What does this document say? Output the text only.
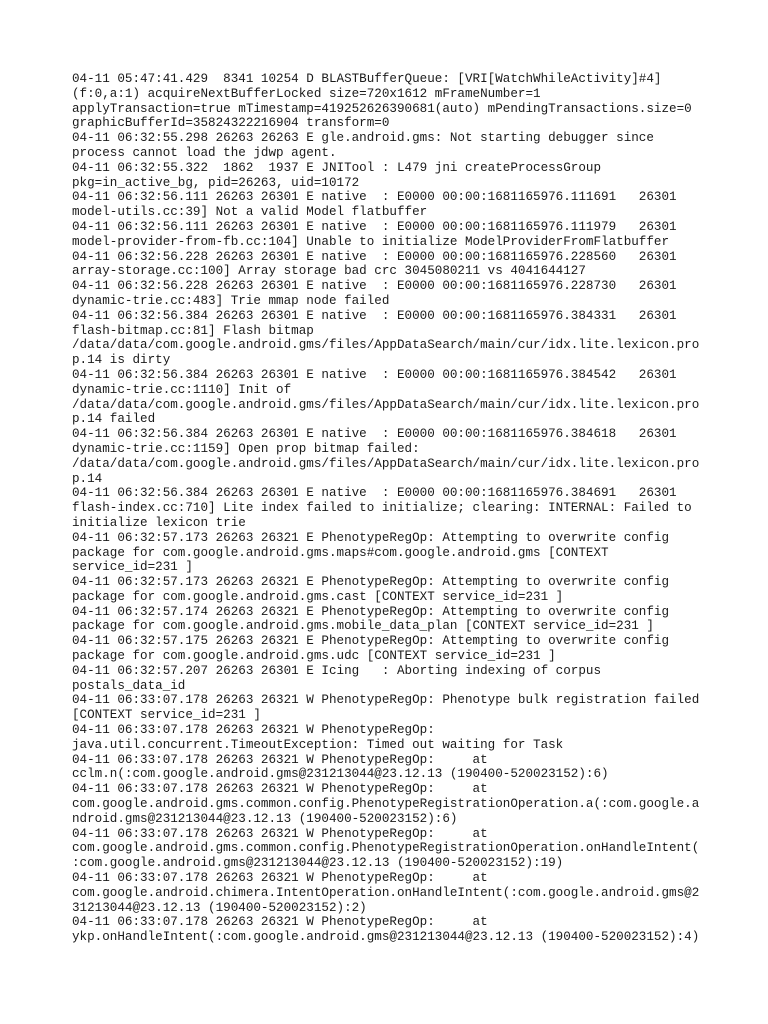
04-11 05:47:41.429  8341 10254 D BLASTBufferQueue: [VRI[WatchWhileActivity]#4]

(f:0,a:1) acquireNextBufferLocked size=720x1612 mFrameNumber=1

applyTransaction=true mTimestamp=419252626390681(auto) mPendingTransactions.size=0

graphicBufferId=35824322216904 transform=0

04-11 06:32:55.298 26263 26263 E gle.android.gms: Not starting debugger since

process cannot load the jdwp agent.

04-11 06:32:55.322  1862  1937 E JNITool : L479 jni createProcessGroup

pkg=in_active_bg, pid=26263, uid=10172

04-11 06:32:56.111 26263 26301 E native  : E0000 00:00:1681165976.111691   26301

model-utils.cc:39] Not a valid Model flatbuffer

04-11 06:32:56.111 26263 26301 E native  : E0000 00:00:1681165976.111979   26301

model-provider-from-fb.cc:104] Unable to initialize ModelProviderFromFlatbuffer

04-11 06:32:56.228 26263 26301 E native  : E0000 00:00:1681165976.228560   26301

array-storage.cc:100] Array storage bad crc 3045080211 vs 4041644127

04-11 06:32:56.228 26263 26301 E native  : E0000 00:00:1681165976.228730   26301

dynamic-trie.cc:483] Trie mmap node failed

04-11 06:32:56.384 26263 26301 E native  : E0000 00:00:1681165976.384331   26301

flash-bitmap.cc:81] Flash bitmap

/data/data/com.google.android.gms/files/AppDataSearch/main/cur/idx.lite.lexicon.pro

p.14 is dirty

04-11 06:32:56.384 26263 26301 E native  : E0000 00:00:1681165976.384542   26301

dynamic-trie.cc:1110] Init of

/data/data/com.google.android.gms/files/AppDataSearch/main/cur/idx.lite.lexicon.pro

p.14 failed

04-11 06:32:56.384 26263 26301 E native  : E0000 00:00:1681165976.384618   26301

dynamic-trie.cc:1159] Open prop bitmap failed:

/data/data/com.google.android.gms/files/AppDataSearch/main/cur/idx.lite.lexicon.pro

p.14

04-11 06:32:56.384 26263 26301 E native  : E0000 00:00:1681165976.384691   26301

flash-index.cc:710] Lite index failed to initialize; clearing: INTERNAL: Failed to

initialize lexicon trie

04-11 06:32:57.173 26263 26321 E PhenotypeRegOp: Attempting to overwrite config

package for com.google.android.gms.maps#com.google.android.gms [CONTEXT

service_id=231 ]

04-11 06:32:57.173 26263 26321 E PhenotypeRegOp: Attempting to overwrite config

package for com.google.android.gms.cast [CONTEXT service_id=231 ]

04-11 06:32:57.174 26263 26321 E PhenotypeRegOp: Attempting to overwrite config

package for com.google.android.gms.mobile_data_plan [CONTEXT service_id=231 ]

04-11 06:32:57.175 26263 26321 E PhenotypeRegOp: Attempting to overwrite config

package for com.google.android.gms.udc [CONTEXT service_id=231 ]

04-11 06:32:57.207 26263 26301 E Icing   : Aborting indexing of corpus

postals_data_id

04-11 06:33:07.178 26263 26321 W PhenotypeRegOp: Phenotype bulk registration failed

[CONTEXT service_id=231 ]

04-11 06:33:07.178 26263 26321 W PhenotypeRegOp:

java.util.concurrent.TimeoutException: Timed out waiting for Task

04-11 06:33:07.178 26263 26321 W PhenotypeRegOp:     at

cclm.n(:com.google.android.gms@231213044@23.12.13 (190400-520023152):6)

04-11 06:33:07.178 26263 26321 W PhenotypeRegOp:     at

com.google.android.gms.common.config.PhenotypeRegistrationOperation.a(:com.google.a

ndroid.gms@231213044@23.12.13 (190400-520023152):6)

04-11 06:33:07.178 26263 26321 W PhenotypeRegOp:     at

com.google.android.gms.common.config.PhenotypeRegistrationOperation.onHandleIntent(

:com.google.android.gms@231213044@23.12.13 (190400-520023152):19)

04-11 06:33:07.178 26263 26321 W PhenotypeRegOp:     at

com.google.android.chimera.IntentOperation.onHandleIntent(:com.google.android.gms@2

31213044@23.12.13 (190400-520023152):2)

04-11 06:33:07.178 26263 26321 W PhenotypeRegOp:     at

ykp.onHandleIntent(:com.google.android.gms@231213044@23.12.13 (190400-520023152):4)
